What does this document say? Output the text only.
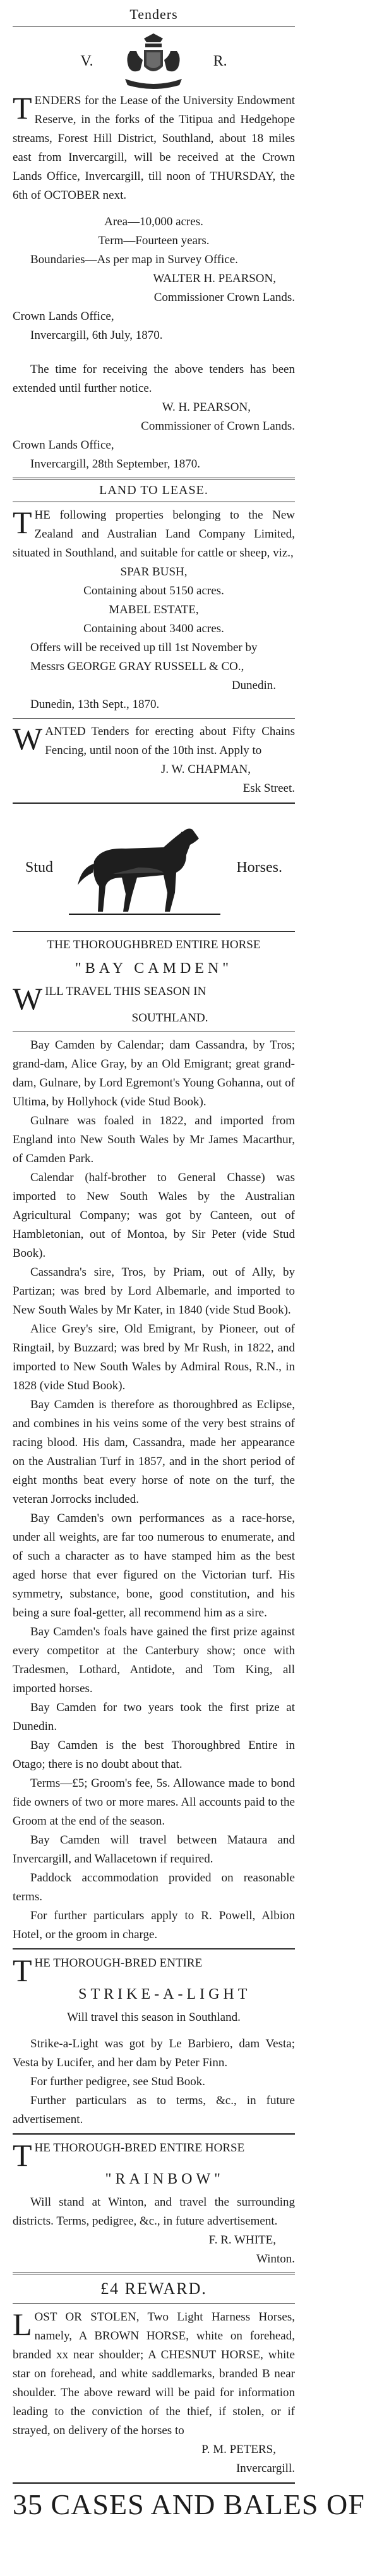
Tenders
V.	R.

TENDERS for the Lease of the University Endowment Reserve, in the forks of the Titipua and Hedgehope streams, Forest Hill District, Southland, about 18 miles east from Invercargill, will be received at the Crown Lands Office, Invercargill, till noon of THURSDAY, the 6th of OCTOBER next.

Area—10,000 acres.

Term—Fourteen years.

Boundaries—As per map in Survey Office.

WALTER H. PEARSON,

Commissioner Crown Lands.

Crown Lands Office,

Invercargill, 6th July, 1870.

The time for receiving the above tenders has been extended until further notice.

W. H. PEARSON,

Commissioner of Crown Lands.

Crown Lands Office,

Invercargill, 28th September, 1870.

LAND TO LEASE.

THE following properties belonging to the New Zealand and Australian Land Company Limited, situated in Southland, and suitable for cattle or sheep, viz.,

SPAR BUSH,

Containing about 5150 acres.

MABEL ESTATE,

Containing about 3400 acres.

Offers will be received up till 1st November by

Messrs GEORGE GRAY RUSSELL & CO.,

Dunedin.

Dunedin, 13th Sept., 1870.

WANTED Tenders for erecting about Fifty Chains Fencing, until noon of the 10th inst. Apply to

J. W. CHAPMAN,

Esk Street.

Stud	Horses.

THE THOROUGHBRED ENTIRE HORSE

"BAY CAMDEN"

WILL TRAVEL THIS SEASON IN

SOUTHLAND.

Bay Camden by Calendar; dam Cassandra, by Tros; grand-dam, Alice Gray, by an Old Emigrant; great grand-dam, Gulnare, by Lord Egremont's Young Gohanna, out of Ultima, by Hollyhock (vide Stud Book).

Gulnare was foaled in 1822, and imported from England into New South Wales by Mr James Macarthur, of Camden Park.

Calendar (half-brother to General Chasse) was imported to New South Wales by the Australian Agricultural Company; was got by Canteen, out of Hambletonian, out of Montoa, by Sir Peter (vide Stud Book).

Cassandra's sire, Tros, by Priam, out of Ally, by Partizan; was bred by Lord Albemarle, and imported to New South Wales by Mr Kater, in 1840 (vide Stud Book).

Alice Grey's sire, Old Emigrant, by Pioneer, out of Ringtail, by Buzzard; was bred by Mr Rush, in 1822, and imported to New South Wales by Admiral Rous, R.N., in 1828 (vide Stud Book).

Bay Camden is therefore as thoroughbred as Eclipse, and combines in his veins some of the very best strains of racing blood. His dam, Cassandra, made her appearance on the Australian Turf in 1857, and in the short period of eight months beat every horse of note on the turf, the veteran Jorrocks included.

Bay Camden's own performances as a race-horse, under all weights, are far too numerous to enumerate, and of such a character as to have stamped him as the best aged horse that ever figured on the Victorian turf. His symmetry, substance, bone, good constitution, and his being a sure foal-getter, all recommend him as a sire.

Bay Camden's foals have gained the first prize against every competitor at the Canterbury show; once with Tradesmen, Lothard, Antidote, and Tom King, all imported horses.

Bay Camden for two years took the first prize at Dunedin.

Bay Camden is the best Thoroughbred Entire in Otago; there is no doubt about that.

Terms—£5; Groom's fee, 5s. Allowance made to bond fide owners of two or more mares. All accounts paid to the Groom at the end of the season.

Bay Camden will travel between Mataura and Invercargill, and Wallacetown if required.

Paddock accommodation provided on reasonable terms.

For further particulars apply to R. Powell, Albion Hotel, or the groom in charge.

THE THOROUGH-BRED ENTIRE

STRIKE-A-LIGHT

Will travel this season in Southland.

Strike-a-Light was got by Le Barbiero, dam Vesta; Vesta by Lucifer, and her dam by Peter Finn.

For further pedigree, see Stud Book.

Further particulars as to terms, &c., in future advertisement.

THE THOROUGH-BRED ENTIRE HORSE

"RAINBOW"

Will stand at Winton, and travel the surrounding districts. Terms, pedigree, &c., in future advertisement.

F. R. WHITE,

Winton.

£4 REWARD.

LOST OR STOLEN, Two Light Harness Horses, namely, A BROWN HORSE, white on forehead, branded xx near shoulder; A CHESNUT HORSE, white star on forehead, and white saddlemarks, branded B near shoulder. The above reward will be paid for information leading to the conviction of the thief, if stolen, or if strayed, on delivery of the horses to

P. M. PETERS,

Invercargill.

35 CASES AND BALES OF
